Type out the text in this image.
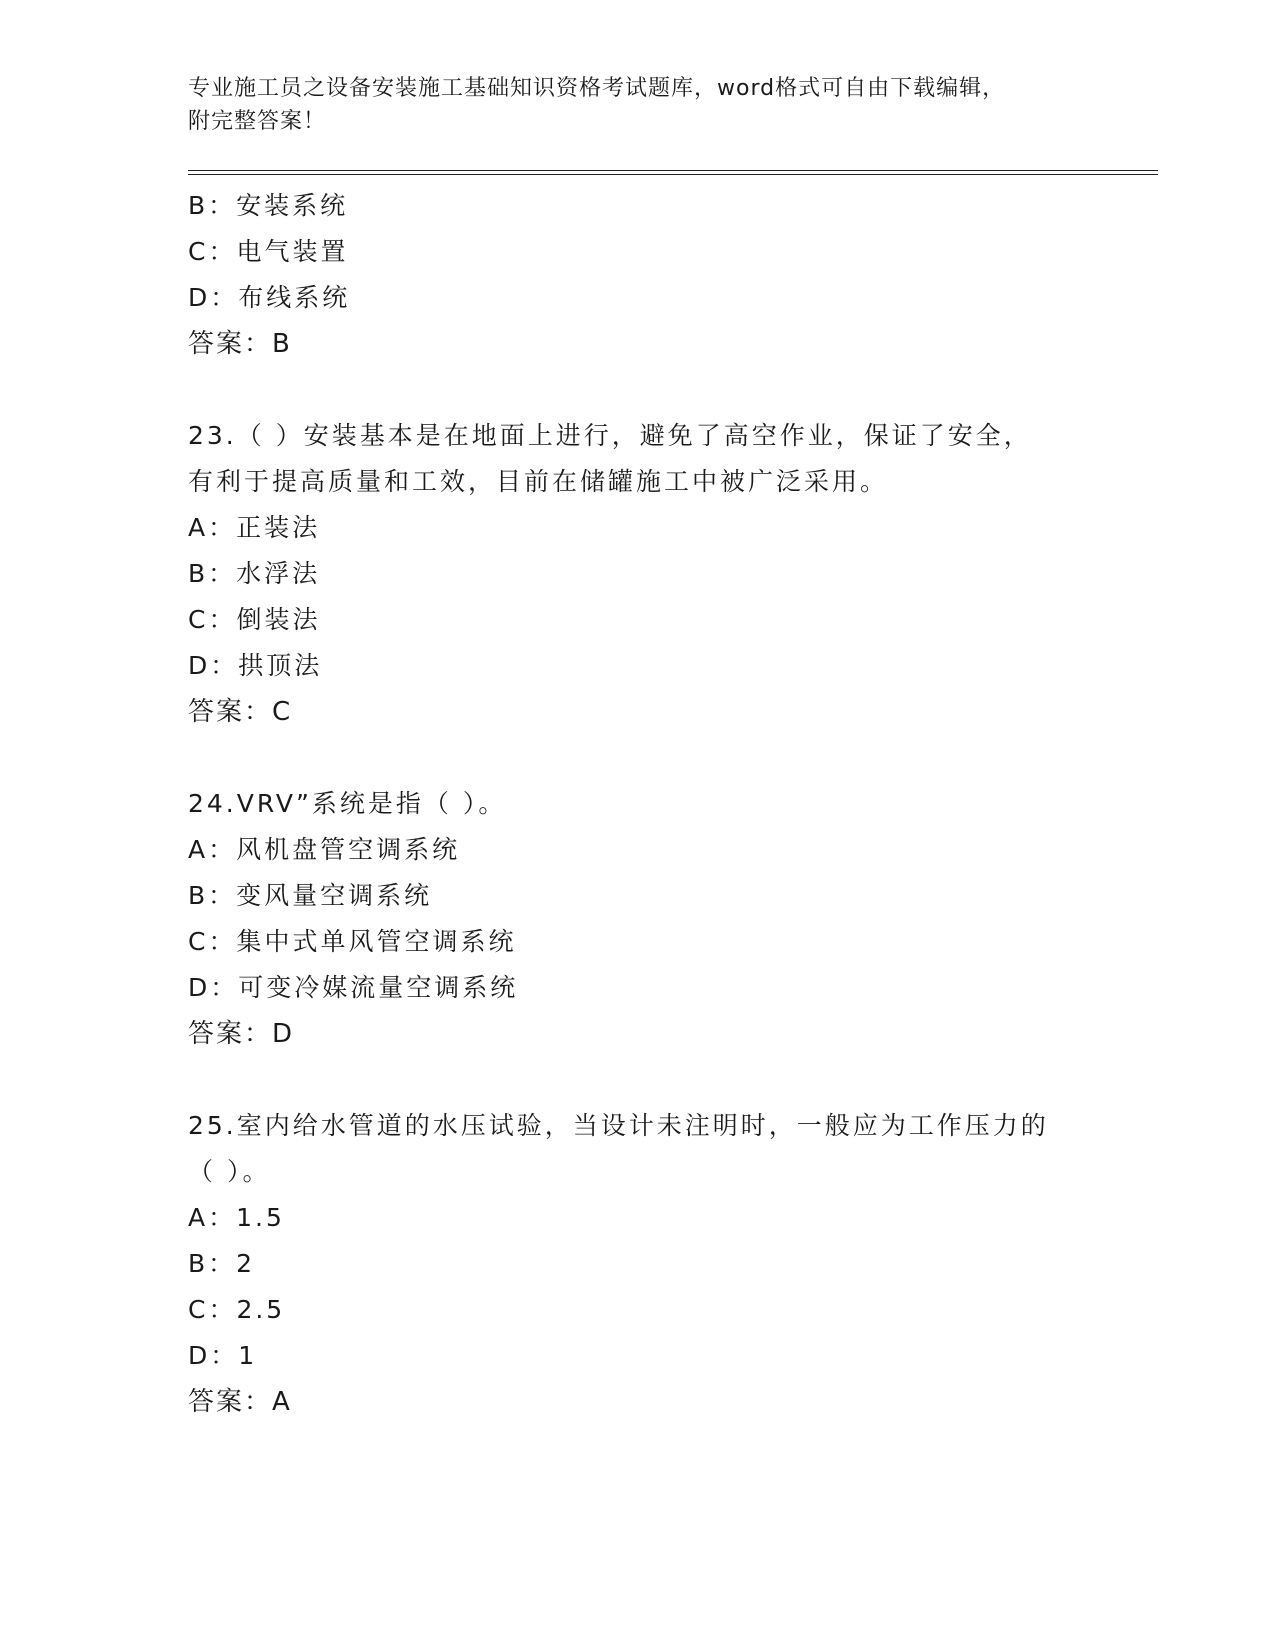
专业施工员之设备安装施工基础知识资格考试题库，word格式可自由下载编辑，

附完整答案！

B：安装系统

C：电气装置

D：布线系统

答案：B

23.（ ）安装基本是在地面上进行，避免了高空作业，保证了安全，

有利于提高质量和工效，目前在储罐施工中被广泛采用。

A：正装法

B：水浮法

C：倒装法

D：拱顶法

答案：C

24.VRV”系统是指（ ）。

A：风机盘管空调系统

B：变风量空调系统

C：集中式单风管空调系统

D：可变冷媒流量空调系统

答案：D

25.室内给水管道的水压试验，当设计未注明时，一般应为工作压力的

（ ）。

A：1.5

B：2

C：2.5

D：1

答案：A
